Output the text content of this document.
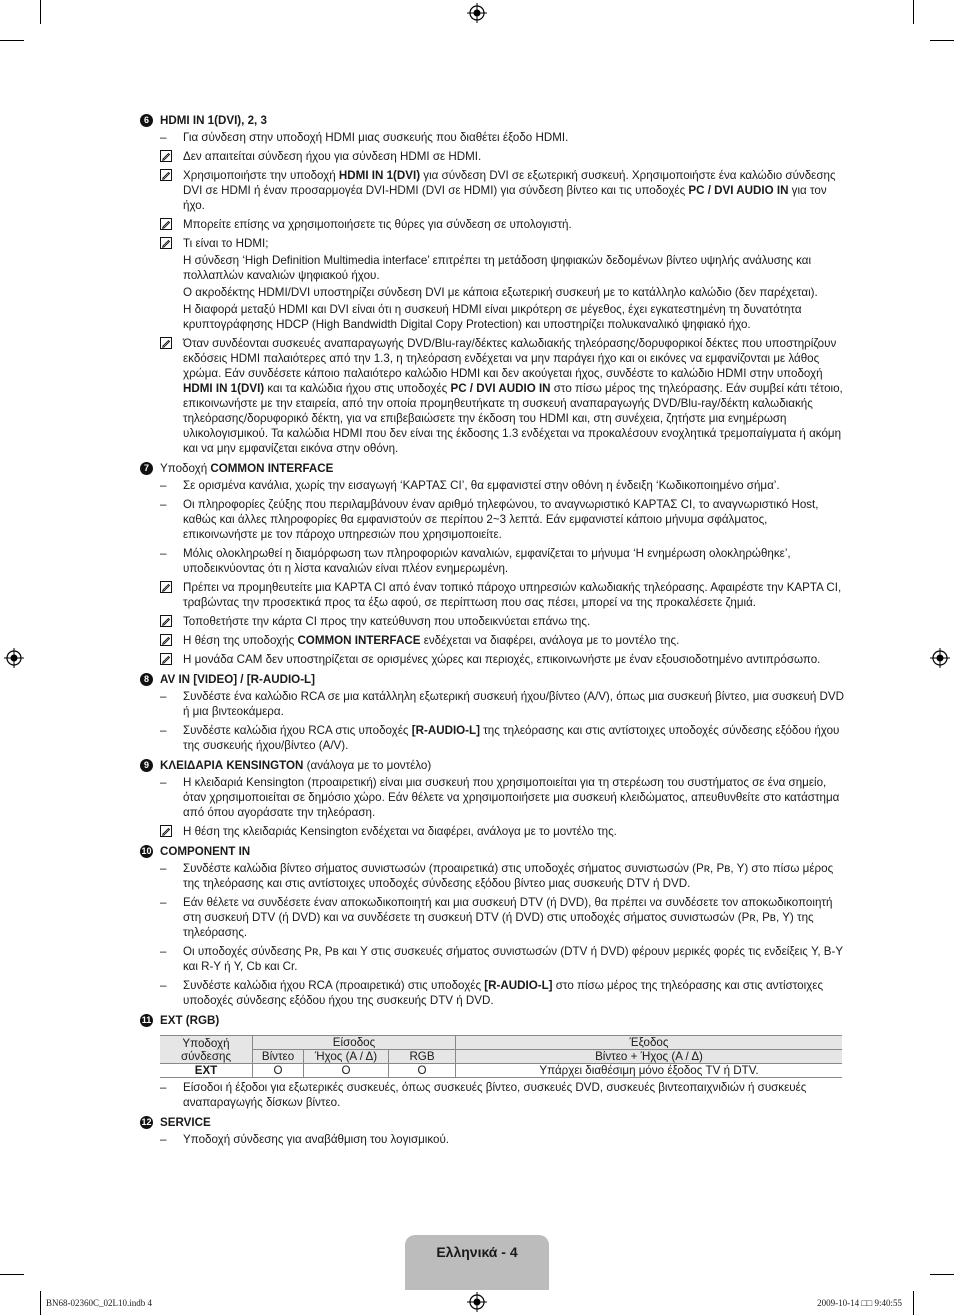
6 HDMI IN 1(DVI), 2, 3
–	Για σύνδεση στην υποδοχή HDMI μιας συσκευής που διαθέτει έξοδο HDMI.

Δεν απαιτείται σύνδεση ήχου για σύνδεση HDMI σε HDMI.

Χρησιμοποιήστε την υποδοχή HDMI IN 1(DVI) για σύνδεση DVI σε εξωτερική συσκευή. Χρησιμοποιήστε ένα καλώδιο σύνδεσης DVI σε HDMI ή έναν προσαρμογέα DVI-HDMI (DVI σε HDMI) για σύνδεση βίντεο και τις υποδοχές PC / DVI AUDIO IN για τον ήχο.

Μπορείτε επίσης να χρησιμοποιήσετε τις θύρες για σύνδεση σε υπολογιστή.

Τι είναι το HDMI;

Η σύνδεση ‘High Definition Multimedia interface’ επιτρέπει τη μετάδοση ψηφιακών δεδομένων βίντεο υψηλής ανάλυσης και πολλαπλών καναλιών ψηφιακού ήχου.

Ο ακροδέκτης HDMI/DVI υποστηρίζει σύνδεση DVI με κάποια εξωτερική συσκευή με το κατάλληλο καλώδιο (δεν παρέχεται).

Η διαφορά μεταξύ HDMI και DVI είναι ότι η συσκευή HDMI είναι μικρότερη σε μέγεθος, έχει εγκατεστημένη τη δυνατότητα κρυπτογράφησης HDCP (High Bandwidth Digital Copy Protection) και υποστηρίζει πολυκαναλικό ψηφιακό ήχο.

Όταν συνδέονται συσκευές αναπαραγωγής DVD/Blu-ray/δέκτες καλωδιακής τηλεόρασης/δορυφορικοί δέκτες που υποστηρίζουν εκδόσεις HDMI παλαιότερες από την 1.3, η τηλεόραση ενδέχεται να μην παράγει ήχο και οι εικόνες να εμφανίζονται με λάθος χρώμα. Εάν συνδέσετε κάποιο παλαιότερο καλώδιο HDMI και δεν ακούγεται ήχος, συνδέστε το καλώδιο HDMI στην υποδοχή HDMI IN 1(DVI) και τα καλώδια ήχου στις υποδοχές PC / DVI AUDIO IN στο πίσω μέρος της τηλεόρασης. Εάν συμβεί κάτι τέτοιο, επικοινωνήστε με την εταιρεία, από την οποία προμηθευτήκατε τη συσκευή αναπαραγωγής DVD/Blu-ray/δέκτη καλωδιακής τηλεόρασης/δορυφορικό δέκτη, για να επιβεβαιώσετε την έκδοση του HDMI και, στη συνέχεια, ζητήστε μια ενημέρωση υλικολογισμικού. Τα καλώδια HDMI που δεν είναι της έκδοσης 1.3 ενδέχεται να προκαλέσουν ενοχλητικά τρεμοπαίγματα ή ακόμη και να μην εμφανίζεται εικόνα στην οθόνη.

7 Υποδοχή COMMON INTERFACE
–	Σε ορισμένα κανάλια, χωρίς την εισαγωγή ‘ΚΑΡΤΑΣ CI’, θα εμφανιστεί στην οθόνη η ένδειξη ‘Κωδικοποιημένο σήμα’.

–	Οι πληροφορίες ζεύξης που περιλαμβάνουν έναν αριθμό τηλεφώνου, το αναγνωριστικό ΚΑΡΤΑΣ CI, το αναγνωριστικό Host, καθώς και άλλες πληροφορίες θα εμφανιστούν σε περίπου 2~3 λεπτά. Εάν εμφανιστεί κάποιο μήνυμα σφάλματος, επικοινωνήστε με τον πάροχο υπηρεσιών που χρησιμοποιείτε.

–	Μόλις ολοκληρωθεί η διαμόρφωση των πληροφοριών καναλιών, εμφανίζεται το μήνυμα ‘Η ενημέρωση ολοκληρώθηκε’, υποδεικνύοντας ότι η λίστα καναλιών είναι πλέον ενημερωμένη.

Πρέπει να προμηθευτείτε μια ΚΑΡΤΑ CI από έναν τοπικό πάροχο υπηρεσιών καλωδιακής τηλεόρασης. Αφαιρέστε την ΚΑΡΤΑ CI, τραβώντας την προσεκτικά προς τα έξω αφού, σε περίπτωση που σας πέσει, μπορεί να της προκαλέσετε ζημιά.

Τοποθετήστε την κάρτα CI προς την κατεύθυνση που υποδεικνύεται επάνω της.

Η θέση της υποδοχής COMMON INTERFACE ενδέχεται να διαφέρει, ανάλογα με το μοντέλο της.

Η μονάδα CAM δεν υποστηρίζεται σε ορισμένες χώρες και περιοχές, επικοινωνήστε με έναν εξουσιοδοτημένο αντιπρόσωπο.

8 AV IN [VIDEO] / [R-AUDIO-L]
–	Συνδέστε ένα καλώδιο RCA σε μια κατάλληλη εξωτερική συσκευή ήχου/βίντεο (A/V), όπως μια συσκευή βίντεο, μια συσκευή DVD ή μια βιντεοκάμερα.

–	Συνδέστε καλώδια ήχου RCA στις υποδοχές [R-AUDIO-L] της τηλεόρασης και στις αντίστοιχες υποδοχές σύνδεσης εξόδου ήχου της συσκευής ήχου/βίντεο (A/V).

9 ΚΛΕΙΔΑΡΙΑ KENSINGTON (ανάλογα με το μοντέλο)
–	Η κλειδαριά Kensington (προαιρετική) είναι μια συσκευή που χρησιμοποιείται για τη στερέωση του συστήματος σε ένα σημείο, όταν χρησιμοποιείται σε δημόσιο χώρο. Εάν θέλετε να χρησιμοποιήσετε μια συσκευή κλειδώματος, απευθυνθείτε στο κατάστημα από όπου αγοράσατε την τηλεόραση.

Η θέση της κλειδαριάς Kensington ενδέχεται να διαφέρει, ανάλογα με το μοντέλο της.

10 COMPONENT IN
–	Συνδέστε καλώδια βίντεο σήματος συνιστωσών (προαιρετικά) στις υποδοχές σήματος συνιστωσών (Pʀ, Pʙ, Y) στο πίσω μέρος της τηλεόρασης και στις αντίστοιχες υποδοχές σύνδεσης εξόδου βίντεο μιας συσκευής DTV ή DVD.

–	Εάν θέλετε να συνδέσετε έναν αποκωδικοποιητή και μια συσκευή DTV (ή DVD), θα πρέπει να συνδέσετε τον αποκωδικοποιητή στη συσκευή DTV (ή DVD) και να συνδέσετε τη συσκευή DTV (ή DVD) στις υποδοχές σήματος συνιστωσών (Pʀ, Pʙ, Y) της τηλεόρασης.

–	Οι υποδοχές σύνδεσης Pʀ, Pʙ και Y στις συσκευές σήματος συνιστωσών (DTV ή DVD) φέρουν μερικές φορές τις ενδείξεις Y, B-Y και R-Y ή Y, Cb και Cr.

–	Συνδέστε καλώδια ήχου RCA (προαιρετικά) στις υποδοχές [R-AUDIO-L] στο πίσω μέρος της τηλεόρασης και στις αντίστοιχες υποδοχές σύνδεσης εξόδου ήχου της συσκευής DTV ή DVD.

11 EXT (RGB)
Υποδοχή σύνδεσης	Είσοδος			Έξοδος
	Βίντεο	Ήχος (Α / Δ)	RGB	Βίντεο + Ήχος (Α / Δ)
EXT	O	O	O	Υπάρχει διαθέσιμη μόνο έξοδος TV ή DTV.
–	Είσοδοι ή έξοδοι για εξωτερικές συσκευές, όπως συσκευές βίντεο, συσκευές DVD, συσκευές βιντεοπαιχνιδιών ή συσκευές αναπαραγωγής δίσκων βίντεο.

12 SERVICE
–	Υποδοχή σύνδεσης για αναβάθμιση του λογισμικού.

Ελληνικά - 4
BN68-02360C_02L10.indb 4	2009-10-14 □□ 9:40:55
